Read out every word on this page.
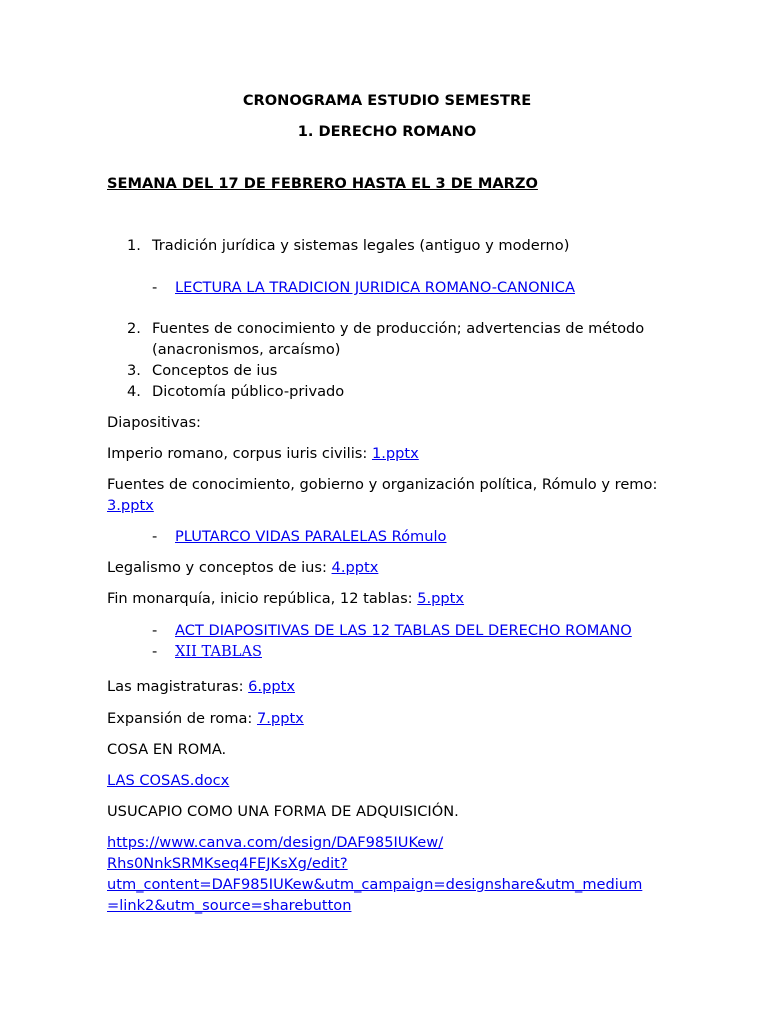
CRONOGRAMA ESTUDIO SEMESTRE
1. DERECHO ROMANO
SEMANA DEL 17 DE FEBRERO HASTA EL 3 DE MARZO
1. Tradición jurídica y sistemas legales (antiguo y moderno)
- LECTURA LA TRADICION JURIDICA ROMANO-CANONICA
2. Fuentes de conocimiento y de producción; advertencias de método (anacronismos, arcaísmo)
3. Conceptos de ius
4. Dicotomía público-privado
Diapositivas:
Imperio romano, corpus iuris civilis: 1.pptx
Fuentes de conocimiento, gobierno y organización política, Rómulo y remo: 3.pptx
- PLUTARCO VIDAS PARALELAS Rómulo
Legalismo y conceptos de ius: 4.pptx
Fin monarquía, inicio república, 12 tablas: 5.pptx
- ACT DIAPOSITIVAS DE LAS 12 TABLAS DEL DERECHO ROMANO
- XII TABLAS
Las magistraturas: 6.pptx
Expansión de roma: 7.pptx
COSA EN ROMA.
LAS COSAS.docx
USUCAPIO COMO UNA FORMA DE ADQUISICIÓN.
https://www.canva.com/design/DAF985IUKew/
Rhs0NnkSRMKseq4FEJKsXg/edit?
utm_content=DAF985IUKew&utm_campaign=designshare&utm_medium
=link2&utm_source=sharebutton
